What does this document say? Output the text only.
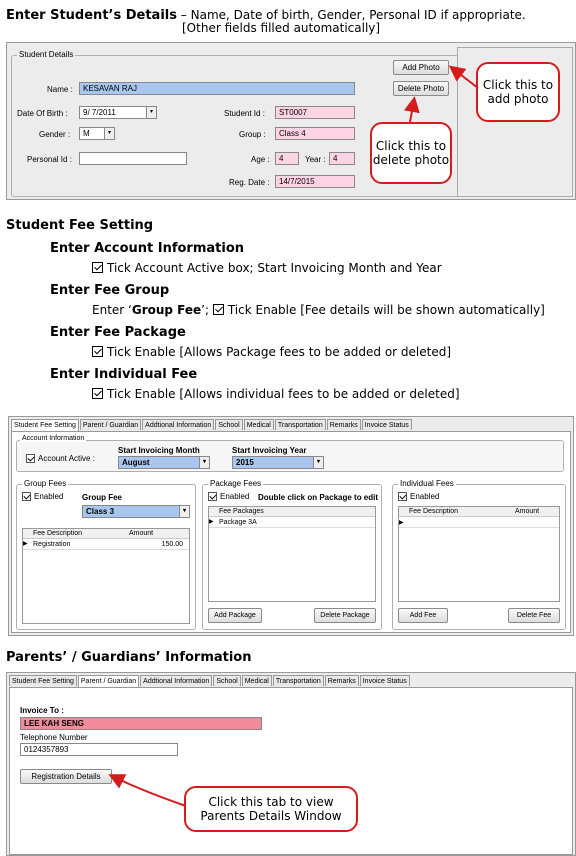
Enter Student’s Details – Name, Date of birth, Gender, Personal ID if appropriate.
[Other fields filled automatically]
Student Details
Name :	KESAVAN RAJ
Date Of Birth :	9/ 7/2011	▾
Gender :	M	▾
Personal Id :
Student Id :	ST0007
Group :	Class 4
Age :	4	Year : 4
Reg. Date :	14/7/2015
Add Photo
Delete Photo	Click this to add photo
Click this to delete photo
Student Fee Setting
Enter Account Information
Tick Account Active box; Start Invoicing Month and Year
Enter Fee Group
Enter ‘Group Fee’; Tick Enable [Fee details will be shown automatically]
Enter Fee Package
Tick Enable [Allows Package fees to be added or deleted]
Enter Individual Fee
Tick Enable [Allows individual fees to be added or deleted]
Student Fee Setting	Parent / Guardian	Addtional Information	School	Medical	Transportation	Remarks	Invoice Status
Account Information
Account Active :
Start Invoicing Month
August	▾
Start Invoicing Year
2015	▾
Group Fees
Enabled Group Fee
Class 3	▾
Fee Description	Amount
▶ Registration	150.00
Package Fees
Enabled Double click on Package to edit
Fee Packages
▶ Package 3A
Add Package	Delete Package
Individual Fees
Enabled
Fee Description	Amount
▶
Add Fee	Delete Fee
Parents’ / Guardians’ Information
Student Fee Setting	Parent / Guardian	Addtional Information	School	Medical	Transportation	Remarks	Invoice Status
Invoice To :
LEE KAH SENG
Telephone Number
0124357893
Registration Details
Click this tab to view Parents Details Window
